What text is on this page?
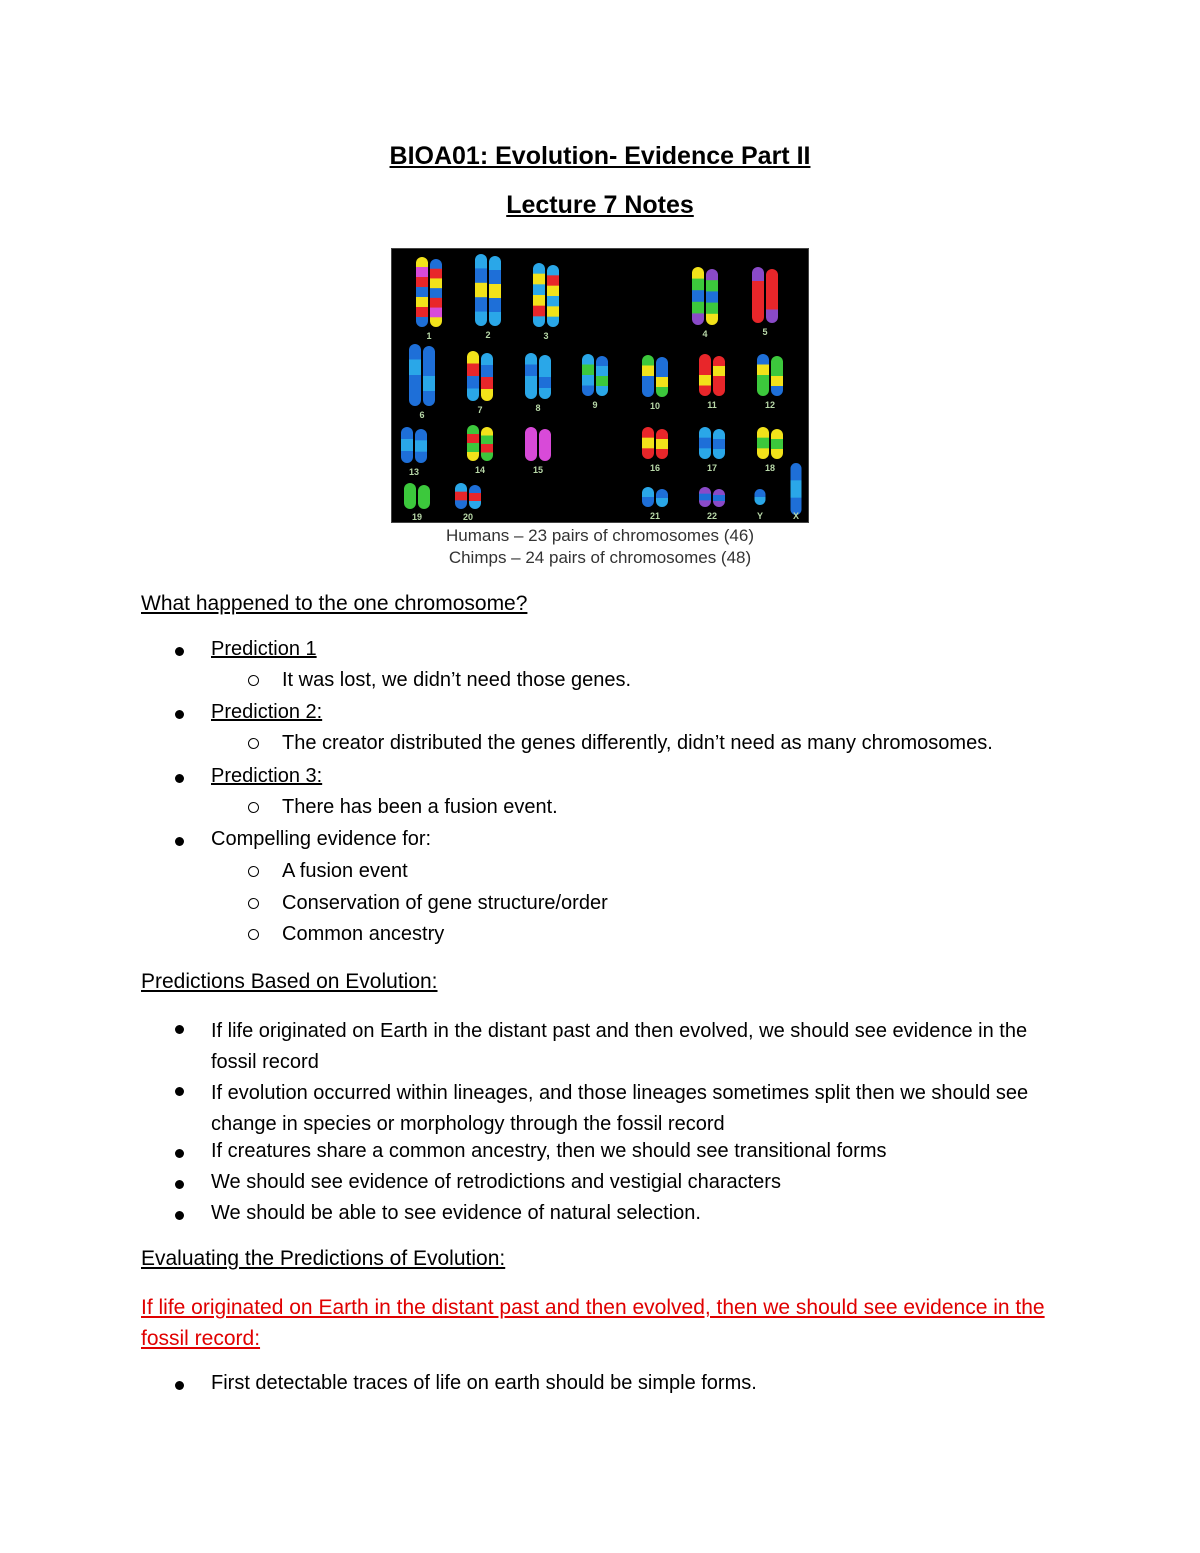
BIOA01: Evolution- Evidence Part II
Lecture 7 Notes
1	2	3	4	5
6	7	8	9	10	11	12
13	14	15	16	17	18
19	20	21	22	Y	X
Humans – 23 pairs of chromosomes (46)
Chimps – 24 pairs of chromosomes (48)
What happened to the one chromosome?
Prediction 1
It was lost, we didn’t need those genes.
Prediction 2:
The creator distributed the genes differently, didn’t need as many chromosomes.
Prediction 3:
There has been a fusion event.
Compelling evidence for:
A fusion event
Conservation of gene structure/order
Common ancestry
Predictions Based on Evolution:
If life originated on Earth in the distant past and then evolved, we should see evidence in the fossil record
If evolution occurred within lineages, and those lineages sometimes split then we should see change in species or morphology through the fossil record
If creatures share a common ancestry, then we should see transitional forms
We should see evidence of retrodictions and vestigial characters
We should be able to see evidence of natural selection.
Evaluating the Predictions of Evolution:
If life originated on Earth in the distant past and then evolved, then we should see evidence in the fossil record:
First detectable traces of life on earth should be simple forms.
